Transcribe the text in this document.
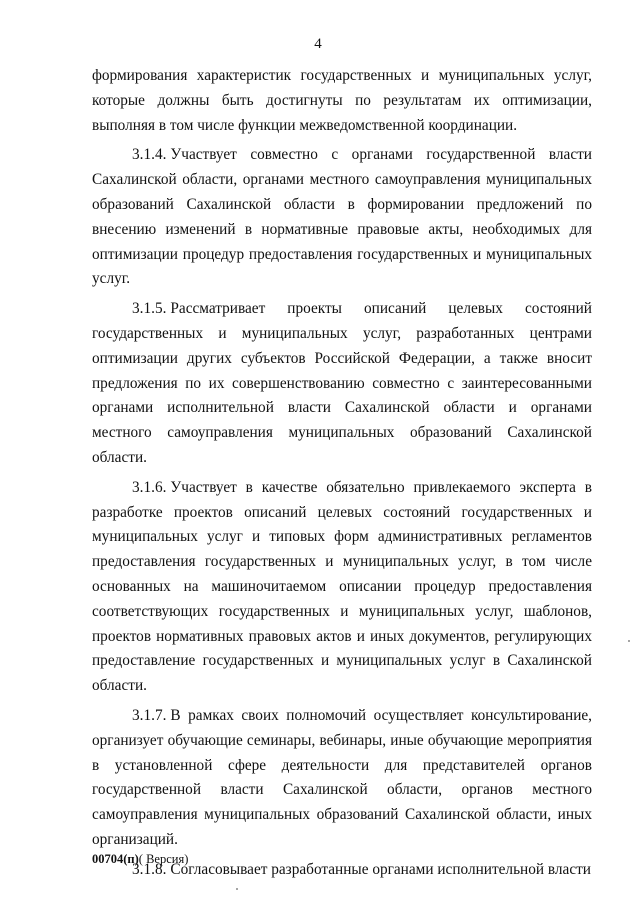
4

формирования характеристик государственных и муниципальных услуг, которые должны быть достигнуты по результатам их оптимизации, выполняя в том числе функции межведомственной координации.

3.1.4. Участвует совместно с органами государственной власти Сахалинской области, органами местного самоуправления муниципальных образований Сахалинской области в формировании предложений по внесению изменений в нормативные правовые акты, необходимых для оптимизации процедур предоставления государственных и муниципальных услуг.

3.1.5. Рассматривает проекты описаний целевых состояний государственных и муниципальных услуг, разработанных центрами оптимизации других субъектов Российской Федерации, а также вносит предложения по их совершенствованию совместно с заинтересованными органами исполнительной власти Сахалинской области и органами местного самоуправления муниципальных образований Сахалинской области.

3.1.6. Участвует в качестве обязательно привлекаемого эксперта в разработке проектов описаний целевых состояний государственных и муниципальных услуг и типовых форм административных регламентов предоставления государственных и муниципальных услуг, в том числе основанных на машиночитаемом описании процедур предоставления соответствующих государственных и муниципальных услуг, шаблонов, проектов нормативных правовых актов и иных документов, регулирующих предоставление государственных и муниципальных услуг в Сахалинской области.

3.1.7. В рамках своих полномочий осуществляет консультирование, организует обучающие семинары, вебинары, иные обучающие мероприятия в установленной сфере деятельности для представителей органов государственной власти Сахалинской области, органов местного самоуправления муниципальных образований Сахалинской области, иных организаций.

3.1.8. Согласовывает разработанные органами исполнительной власти

00704(п)( Версия)
